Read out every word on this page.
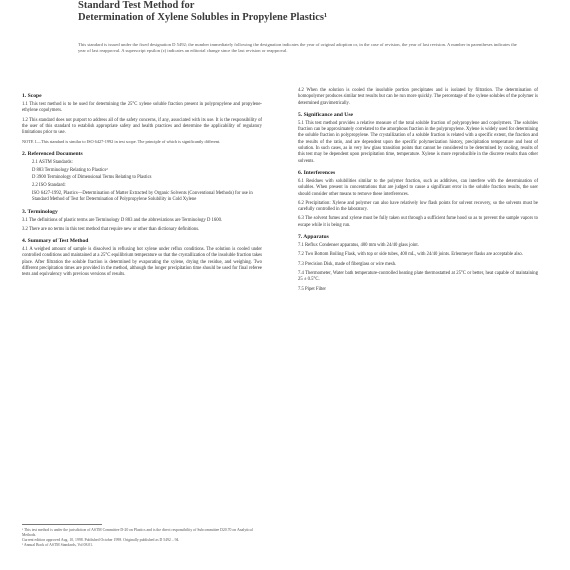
Standard Test Method for
Determination of Xylene Solubles in Propylene Plastics¹
This standard is issued under the fixed designation D 5492; the number immediately following the designation indicates the year of original adoption or, in the case of revision, the year of last revision. A number in parentheses indicates the year of last reapproval. A superscript epsilon (ε) indicates an editorial change since the last revision or reapproval.
1. Scope
1.1 This test method is to be used for determining the 25°C xylene soluble fraction present in polypropylene and propylene-ethylene copolymers.
1.2 This standard does not purport to address all of the safety concerns, if any, associated with its use. It is the responsibility of the user of this standard to establish appropriate safety and health practices and determine the applicability of regulatory limitations prior to use.
NOTE 1—This standard is similar to ISO 6427-1992 in test scope. The principle of which is significantly different.
2. Referenced Documents
2.1 ASTM Standards:
D 883 Terminology Relating to Plastics²
D 3900 Terminology of Dimensional Terms Relating to Plastics
2.2 ISO Standard:
ISO 6427-1992, Plastics—Determination of Matter Extracted by Organic Solvents (Conventional Methods) for use in Standard Method of Test for Determination of Polypropylene Solubility in Cold Xylene
3. Terminology
3.1 The definitions of plastic terms are Terminology D 883 and the abbreviations are Terminology D 1600.
3.2 There are no terms in this test method that require new or other than dictionary definitions.
4. Summary of Test Method
4.1 A weighed amount of sample is dissolved in refluxing hot xylene under reflux conditions. The solution is cooled under controlled conditions and maintained at a 25°C equilibrium temperature so that the crystallization of the insoluble fraction takes place. After filtration the soluble fraction is determined by evaporating the xylene, drying the residue, and weighing. Two different precipitation times are provided in the method, although the longer precipitation time should be used for final referee tests and equivalency with previous versions of results.
¹ This test method is under the jurisdiction of ASTM Committee D-20 on Plastics and is the direct responsibility of Subcommittee D20.70 on Analytical Methods.
Current edition approved Aug. 10, 1998. Published October 1998. Originally published as D 5492 – 94.
² Annual Book of ASTM Standards, Vol 08.01.
4.2 When the solution is cooled the insoluble portion precipitates and is isolated by filtration. The determination of homopolymer produces similar test results but can be run more quickly. The percentage of the xylene solubles of the polymer is determined gravimetrically.
5. Significance and Use
5.1 This test method provides a relative measure of the total soluble fraction of polypropylene and copolymers. The solubles fraction can be approximately correlated to the amorphous fraction in the polypropylene. Xylene is widely used for determining the soluble fraction in polypropylene. The crystallization of a soluble fraction is related with a specific extent, the fraction and the results of the ratio, and are dependent upon the specific polymerization history, precipitation temperature and heat of solution. In such cases, as in very low glass transition points that cannot be considered to be determined by cooling, results of this test may be dependent upon precipitation time, temperature. Xylene is more reproducible in the discrete results than other solvents.
6. Interferences
6.1 Residues with solubilities similar to the polymer fraction, such as additives, can interfere with the determination of solubles. When present in concentrations that are judged to cause a significant error in the soluble fraction results, the user should consider other means to remove these interferences.
6.2 Precipitation: Xylene and polymer can also have relatively low flash points for solvent recovery, so the solvents must be carefully controlled in the laboratory.
6.3 The solvent fumes and xylene must be fully taken out through a sufficient fume hood so as to prevent the sample vapors to escape while it is being run.
7. Apparatus
7.1 Reflux Condenser apparatus, 400 mm with 24/40 glass joint.
7.2 Two Bottom Boiling Flask, with top or side tubes, 400 mL, with 24/40 joints. Erlenmeyer flasks are acceptable also.
7.3 Precision Disk, made of fiberglass or wire mesh.
7.4 Thermometer, Water bath temperature-controlled heating plate thermostatted at 25°C or better, heat capable of maintaining 25 ± 0.5°C.
7.5 Pipet Filter
